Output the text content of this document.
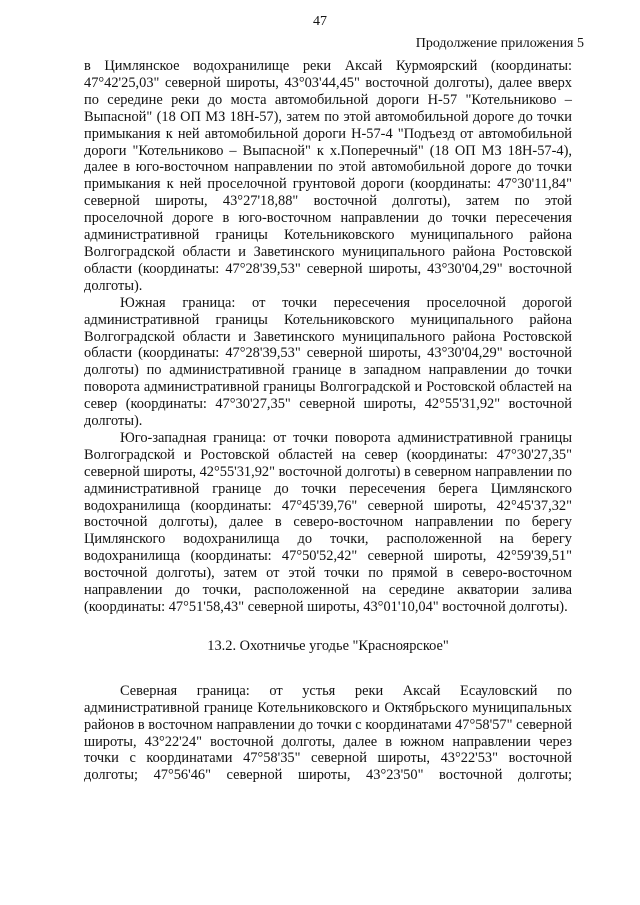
47
Продолжение приложения 5

в Цимлянское водохранилище реки Аксай Курмоярский (координаты: 47°42'25,03" северной широты, 43°03'44,45" восточной долготы), далее вверх по середине реки до моста автомобильной дороги Н-57 "Котельниково – Выпасной" (18 ОП МЗ 18Н-57), затем по этой автомобильной дороге до точки примыкания к ней автомобильной дороги Н-57-4 "Подъезд от автомобильной дороги "Котельниково – Выпасной" к х.Поперечный" (18 ОП МЗ 18Н-57-4), далее в юго-восточном направлении по этой автомобильной дороге до точки примыкания к ней проселочной грунтовой дороги (координаты: 47°30'11,84" северной широты, 43°27'18,88" восточной долготы), затем по этой проселочной дороге в юго-восточном направлении до точки пересечения административной границы Котельниковского муниципального района Волгоградской области и Заветинского муниципального района Ростовской области (координаты: 47°28'39,53" северной широты, 43°30'04,29" восточной долготы).

Южная граница: от точки пересечения проселочной дорогой административной границы Котельниковского муниципального района Волгоградской области и Заветинского муниципального района Ростовской области (координаты: 47°28'39,53" северной широты, 43°30'04,29" восточной долготы) по административной границе в западном направлении до точки поворота административной границы Волгоградской и Ростовской областей на север (координаты: 47°30'27,35" северной широты, 42°55'31,92" восточной долготы).

Юго-западная граница: от точки поворота административной границы Волгоградской и Ростовской областей на север (координаты: 47°30'27,35" северной широты, 42°55'31,92" восточной долготы) в северном направлении по административной границе до точки пересечения берега Цимлянского водохранилища (координаты: 47°45'39,76" северной широты, 42°45'37,32" восточной долготы), далее в северо-восточном направлении по берегу Цимлянского водохранилища до точки, расположенной на берегу водохранилища (координаты: 47°50'52,42" северной широты, 42°59'39,51" восточной долготы), затем от этой точки по прямой в северо-восточном направлении до точки, расположенной на середине акватории залива (координаты: 47°51'58,43" северной широты, 43°01'10,04" восточной долготы).

13.2. Охотничье угодье "Красноярское"

Северная граница: от устья реки Аксай Есауловский по административной границе Котельниковского и Октябрьского муниципальных районов в восточном направлении до точки с координатами 47°58'57" северной широты, 43°22'24" восточной долготы, далее в южном направлении через точки с координатами 47°58'35" северной широты, 43°22'53" восточной долготы; 47°56'46" северной широты, 43°23'50" восточной долготы;
